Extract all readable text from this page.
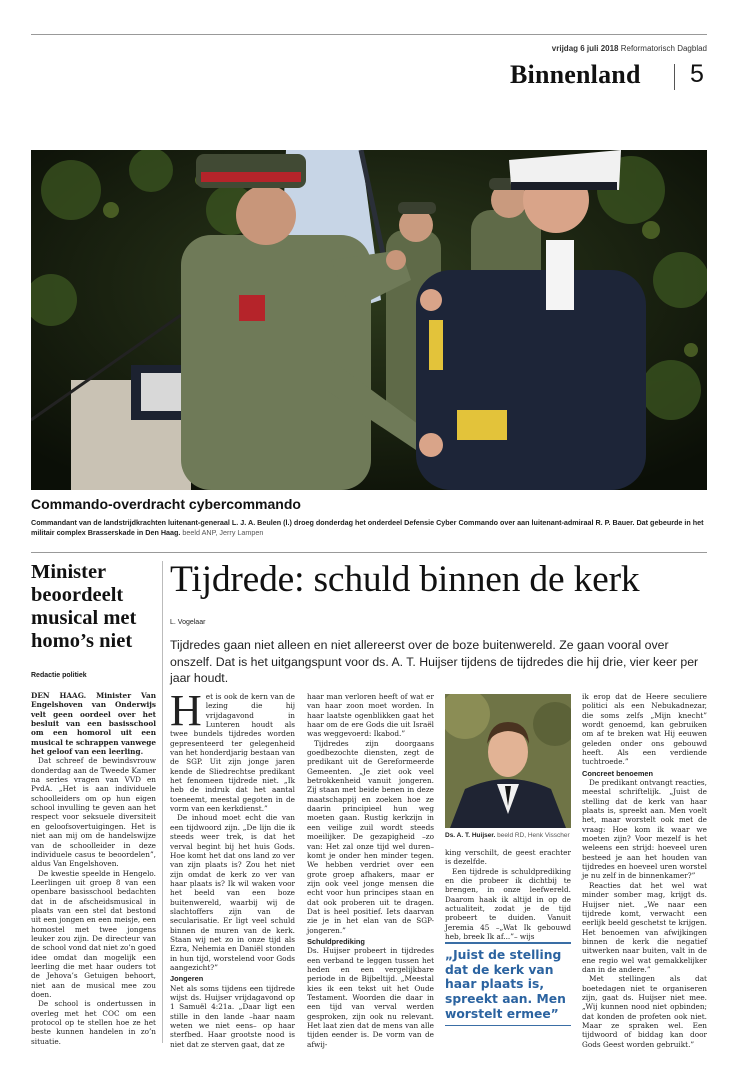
vrijdag 6 juli 2018 Reformatorisch Dagblad
Binnenland 5
Commando-overdracht cybercommando
Commandant van de landstrijdkrachten luitenant-generaal L. J. A. Beulen (l.) droeg donderdag het onderdeel Defensie Cyber Commando over aan luitenant-admiraal R. P. Bauer. Dat gebeurde in het militair complex Brasserskade in Den Haag. beeld ANP, Jerry Lampen
Minister beoordeelt musical met homo’s niet
Redactie politiek

DEN HAAG. Minister Van Engelshoven van Onderwijs velt geen oordeel over het besluit van een basisschool om een homorol uit een musical te schrappen vanwege het geloof van een leerling.

Dat schreef de bewindsvrouw donderdag aan de Tweede Kamer na series vragen van VVD en PvdA. „Het is aan individuele schoolleiders om op hun eigen school invulling te geven aan het respect voor seksuele diversiteit en geloofsovertuigingen. Het is niet aan mij om de handelswijze van de schoolleider in deze individuele casus te beoordelen”, aldus Van Engelshoven.

De kwestie speelde in Hengelo. Leerlingen uit groep 8 van een openbare basisschool bedachten dat in de afscheidsmusical in plaats van een stel dat bestond uit een jongen en een meisje, een homostel met twee jongens leuker zou zijn. De directeur van de school vond dat niet zo’n goed idee omdat dan mogelijk een leerling die met haar ouders tot de Jehova’s Getuigen behoort, niet aan de musical mee zou doen.

De school is ondertussen in overleg met het COC om een protocol op te stellen hoe ze het beste kunnen handelen in zo’n situatie.

Tijdrede: schuld binnen de kerk
L. Vogelaar
Tijdredes gaan niet alleen en niet allereerst over de boze buitenwereld. Ze gaan vooral over onszelf. Dat is het uitgangspunt voor ds. A. T. Huijser tijdens de tijdredes die hij drie, vier keer per jaar houdt.

Het is ook de kern van de lezing die hij vrijdagavond in Lunteren houdt als twee bundels tijdredes worden gepresenteerd ter gelegenheid van het honderdjarig bestaan van de SGP. Uit zijn jonge jaren kende de Sliedrechtse predikant het fenomeen tijdrede niet. „Ik heb de indruk dat het aantal toeneemt, meestal gegoten in de vorm van een kerkdienst.”

De inhoud moet echt die van een tijdwoord zijn. „De lijn die ik steeds weer trek, is dat het verval begint bij het huis Gods. Hoe komt het dat ons land zo ver van zijn plaats is? Zou het niet zijn omdat de kerk zo ver van haar plaats is? Ik wil waken voor het beeld van een boze buitenwereld, waarbij wij de slachtoffers zijn van de secularisatie. Er ligt veel schuld binnen de muren van de kerk. Staan wij net zo in onze tijd als Ezra, Nehemia en Daniël stonden in hun tijd, worstelend voor Gods aangezicht?”

Jongeren

Net als soms tijdens een tijdrede wijst ds. Huijser vrijdagavond op 1 Samuël 4:21a. „Daar ligt een stille in den lande –haar naam weten we niet eens– op haar sterfbed. Haar grootste nood is niet dat ze sterven gaat, dat ze

haar man verloren heeft of wat er van haar zoon moet worden. In haar laatste ogenblikken gaat het haar om de ere Gods die uit Israël was weggevoerd: Ikabod.”

Tijdredes zijn doorgaans goedbezochte diensten, zegt de predikant uit de Gereformeerde Gemeenten. „Je ziet ook veel betrokkenheid vanuit jongeren. Zij staan met beide benen in deze maatschappij en zoeken hoe ze daarin principieel hun weg moeten gaan. Rustig kerkzijn in een veilige zuil wordt steeds moeilijker. De gezapigheid –zo van: Het zal onze tijd wel duren– komt je onder hen minder tegen. We hebben verdriet over een grote groep afhakers, maar er zijn ook veel jonge mensen die echt voor hun principes staan en dat ook proberen uit te dragen. Dat is heel positief. Iets daarvan zie je in het elan van de SGP-jongeren.”

Schuldprediking

Ds. Huijser probeert in tijdredes een verband te leggen tussen het heden en een vergelijkbare periode in de Bijbeltijd. „Meestal kies ik een tekst uit het Oude Testament. Woorden die daar in een tijd van verval werden gesproken, zijn ook nu relevant. Het laat zien dat de mens van alle tijden eender is. De vorm van de afwij-

Ds. A. T. Huijser. beeld RD, Henk Visscher

king verschilt, de geest erachter is dezelfde.

Een tijdrede is schuldprediking en die probeer ik dichtbij te brengen, in onze leefwereld. Daarom haak ik altijd in op de actualiteit, zodat je de tijd probeert te duiden. Vanuit Jeremia 45 –„Wat Ik gebouwd heb, breek Ik af...”– wijs

„Juist de stelling dat de kerk van haar plaats is, spreekt aan. Men worstelt ermee”

ik erop dat de Heere seculiere politici als een Nebukadnezar, die soms zelfs „Mijn knecht” wordt genoemd, kan gebruiken om af te breken wat Hij eeuwen geleden onder ons gebouwd heeft. Als een verdiende tuchtroede.”

Concreet benoemen

De predikant ontvangt reacties, meestal schriftelijk. „Juist de stelling dat de kerk van haar plaats is, spreekt aan. Men voelt het, maar worstelt ook met de vraag: Hoe kom ik waar we moeten zijn? Voor mezelf is het weleens een strijd: hoeveel uren besteed je aan het houden van tijdredes en hoeveel uren worstel je nu zelf in de binnenkamer?”

Reacties dat het wel wat minder somber mag, krijgt ds. Huijser niet. „We naar een tijdrede komt, verwacht een eerlijk beeld geschetst te krijgen. Het benoemen van afwijkingen binnen de kerk die negatief uitwerken naar buiten, valt in de ene regio wel wat gemakkelijker dan in de andere.”

Met stellingen als dat boetedagen niet te organiseren zijn, gaat ds. Huijser niet mee. „Wij kunnen nood niet opbinden; dat konden de profeten ook niet. Maar ze spraken wel. Een tijdwoord of biddag kan door Gods Geest worden gebruikt.”
